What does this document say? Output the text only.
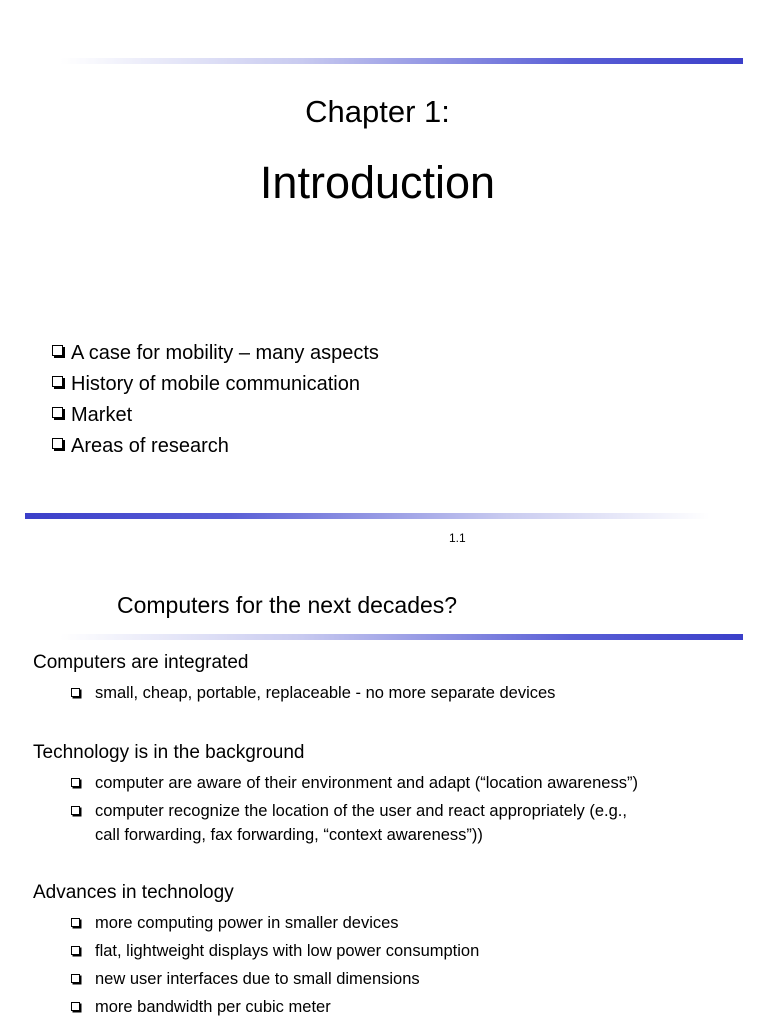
Chapter 1:
Introduction
A case for mobility – many aspects
History of mobile communication
Market
Areas of research
1.1
Computers for the next decades?
Computers are integrated
small, cheap, portable, replaceable - no more separate devices
Technology is in the background
computer are aware of their environment and adapt (“location awareness”)
computer recognize the location of the user and react appropriately (e.g.,
call forwarding, fax forwarding, “context awareness”))
Advances in technology
more computing power in smaller devices
flat, lightweight displays with low power consumption
new user interfaces due to small dimensions
more bandwidth per cubic meter
